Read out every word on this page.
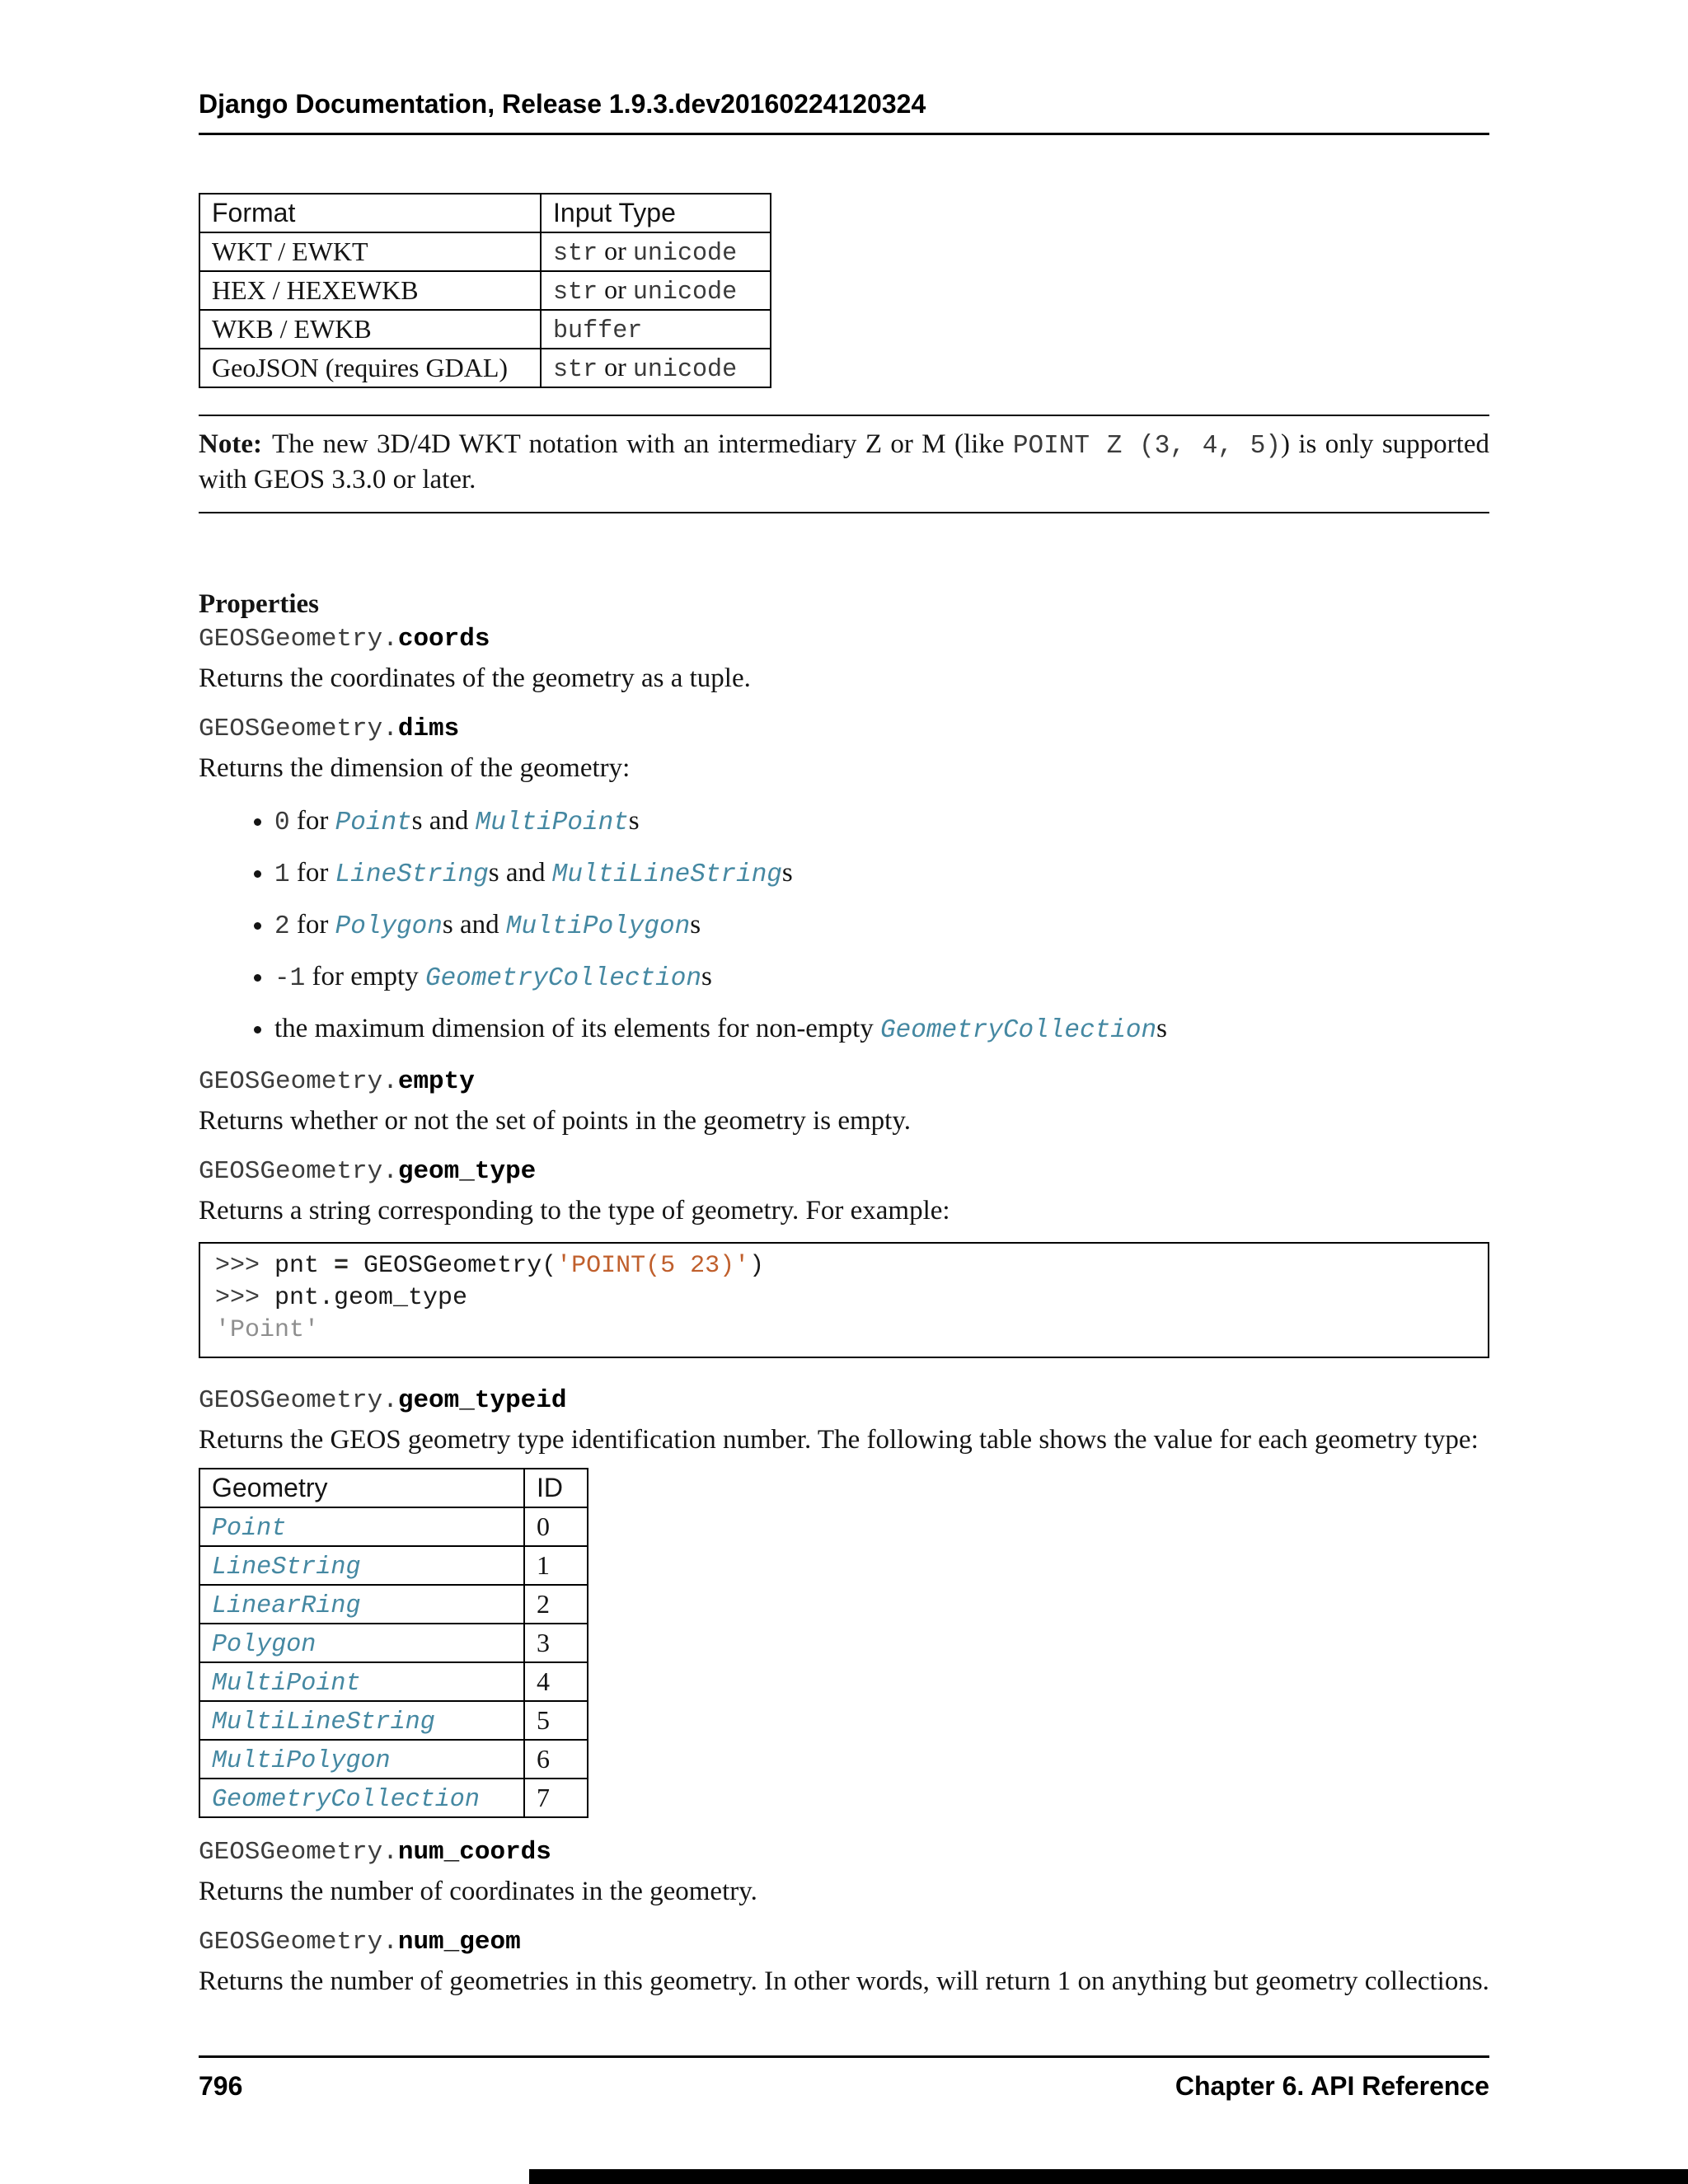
Django Documentation, Release 1.9.3.dev20160224120324
Format	Input Type
WKT / EWKT	str or unicode
HEX / HEXEWKB	str or unicode
WKB / EWKB	buffer
GeoJSON (requires GDAL)	str or unicode
Note: The new 3D/4D WKT notation with an intermediary Z or M (like POINT Z (3, 4, 5)) is only supported with GEOS 3.3.0 or later.
Properties
GEOSGeometry.coords
Returns the coordinates of the geometry as a tuple.
GEOSGeometry.dims
Returns the dimension of the geometry:
• 0 for Points and MultiPoints
• 1 for LineStrings and MultiLineStrings
• 2 for Polygons and MultiPolygons
• -1 for empty GeometryCollections
• the maximum dimension of its elements for non-empty GeometryCollections
GEOSGeometry.empty
Returns whether or not the set of points in the geometry is empty.
GEOSGeometry.geom_type
Returns a string corresponding to the type of geometry. For example:
>>> pnt = GEOSGeometry('POINT(5 23)')
>>> pnt.geom_type
'Point'
GEOSGeometry.geom_typeid
Returns the GEOS geometry type identification number. The following table shows the value for each geometry type:
Geometry	ID
Point	0
LineString	1
LinearRing	2
Polygon	3
MultiPoint	4
MultiLineString	5
MultiPolygon	6
GeometryCollection	7
GEOSGeometry.num_coords
Returns the number of coordinates in the geometry.
GEOSGeometry.num_geom
Returns the number of geometries in this geometry. In other words, will return 1 on anything but geometry collections.
796	Chapter 6. API Reference
